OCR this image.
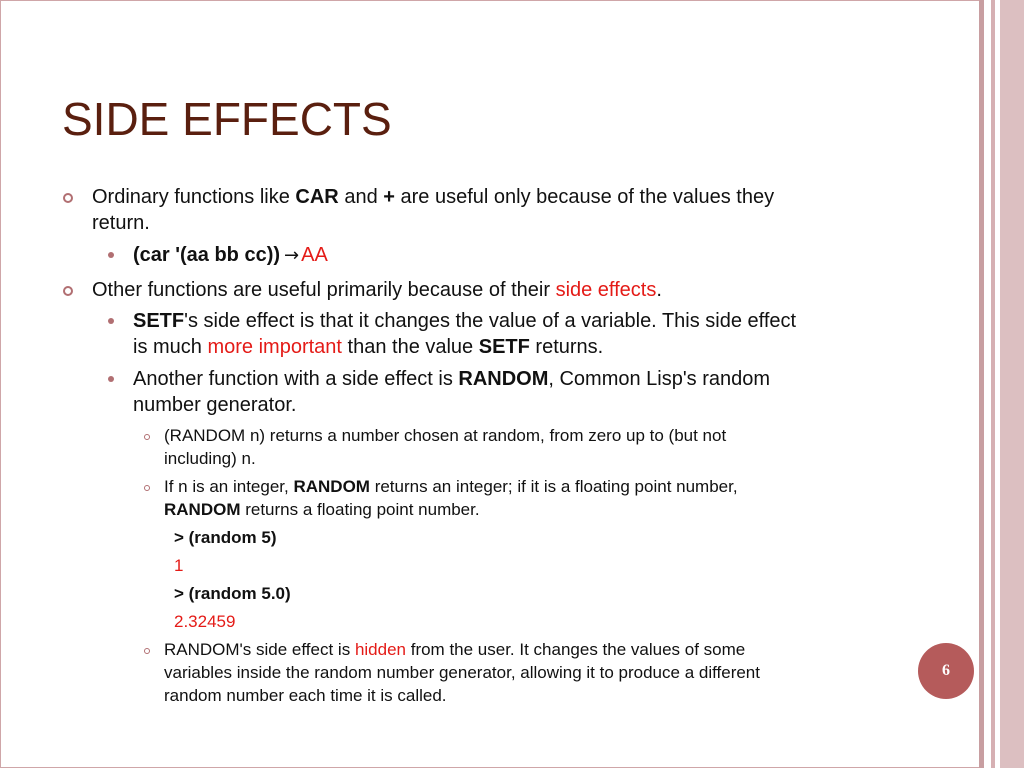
SIDE EFFECTS
Ordinary functions like CAR and + are useful only because of the values they
return.
(car '(aa bb cc)) → AA
Other functions are useful primarily because of their side effects.
SETF's side effect is that it changes the value of a variable. This side effect
is much more important than the value SETF returns.
Another function with a side effect is RANDOM, Common Lisp's random
number generator.
(RANDOM n) returns a number chosen at random, from zero up to (but not
including) n.
If n is an integer, RANDOM returns an integer; if it is a floating point number,
RANDOM returns a floating point number.
> (random 5)
1
> (random 5.0)
2.32459
RANDOM's side effect is hidden from the user. It changes the values of some
variables inside the random number generator, allowing it to produce a different
random number each time it is called.
6
